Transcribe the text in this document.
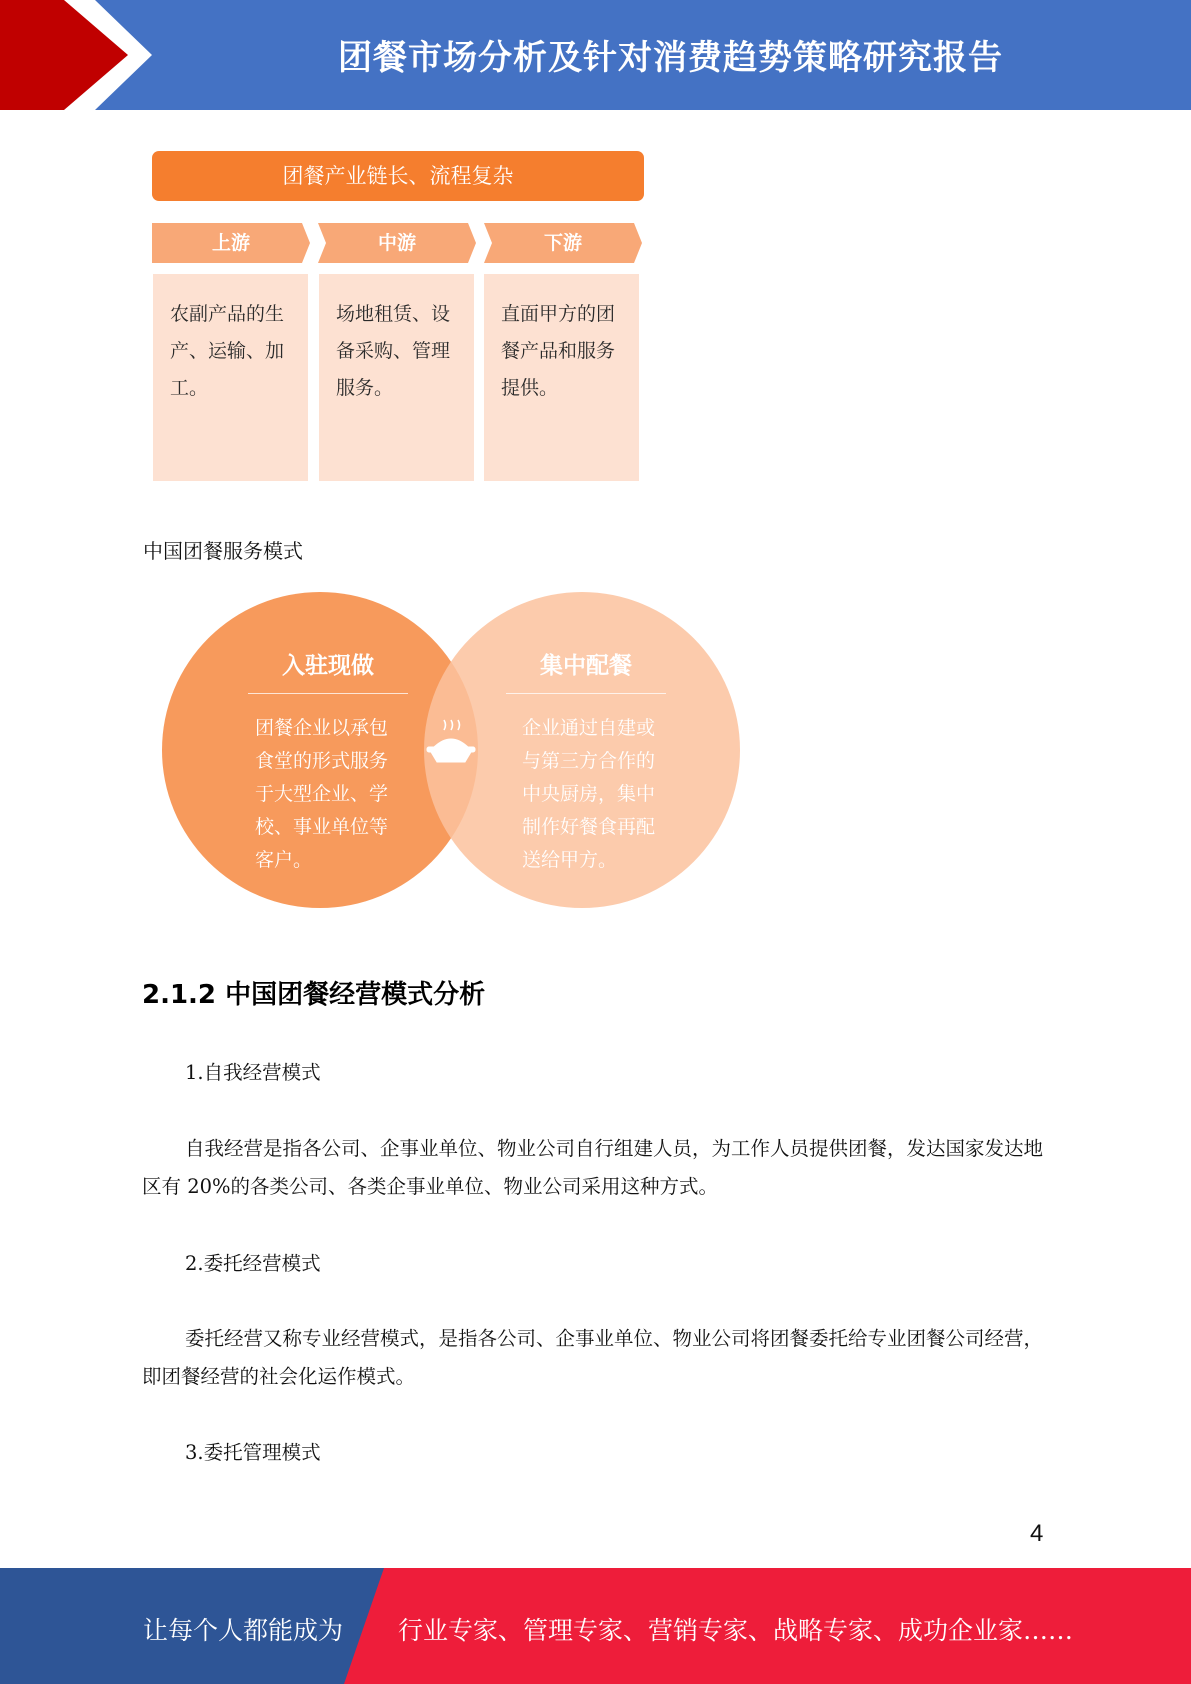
团餐市场分析及针对消费趋势策略研究报告
团餐产业链长、流程复杂
上游	中游	下游
农副产品的生
产、运输、加
工。
场地租赁、设
备采购、管理
服务。
直面甲方的团
餐产品和服务
提供。
中国团餐服务模式
入驻现做
团餐企业以承包
食堂的形式服务
于大型企业、学
校、事业单位等
客户。
集中配餐
企业通过自建或
与第三方合作的
中央厨房，集中
制作好餐食再配
送给甲方。
2.1.2 中国团餐经营模式分析
1.自我经营模式
自我经营是指各公司、企事业单位、物业公司自行组建人员，为工作人员提供团餐，发达国家发达地区有 20%的各类公司、各类企事业单位、物业公司采用这种方式。
2.委托经营模式
委托经营又称专业经营模式，是指各公司、企事业单位、物业公司将团餐委托给专业团餐公司经营，即团餐经营的社会化运作模式。
3.委托管理模式
4
让每个人都能成为 行业专家、管理专家、营销专家、战略专家、成功企业家……
